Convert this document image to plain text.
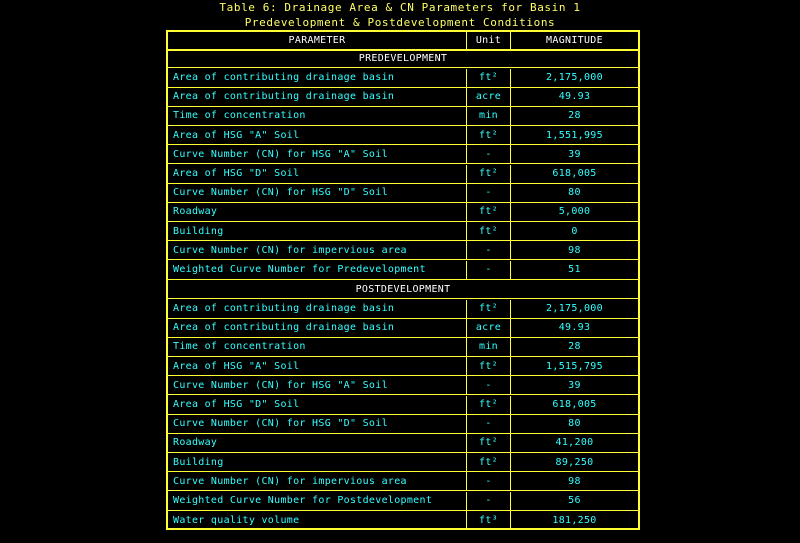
Table 6: Drainage Area & CN Parameters for Basin 1
Predevelopment & Postdevelopment Conditions
PARAMETER	Unit	MAGNITUDE
PREDEVELOPMENT
Area of contributing drainage basin	ft²	2,175,000
Area of contributing drainage basin	acre	49.93
Time of concentration	min	28
Area of HSG "A" Soil	ft²	1,551,995
Curve Number (CN) for HSG "A" Soil	-	39
Area of HSG "D" Soil	ft²	618,005
Curve Number (CN) for HSG "D" Soil	-	80
Roadway	ft²	5,000
Building	ft²	0
Curve Number (CN) for impervious area	-	98
Weighted Curve Number for Predevelopment	-	51
POSTDEVELOPMENT
Area of contributing drainage basin	ft²	2,175,000
Area of contributing drainage basin	acre	49.93
Time of concentration	min	28
Area of HSG "A" Soil	ft²	1,515,795
Curve Number (CN) for HSG "A" Soil	-	39
Area of HSG "D" Soil	ft²	618,005
Curve Number (CN) for HSG "D" Soil	-	80
Roadway	ft²	41,200
Building	ft²	89,250
Curve Number (CN) for impervious area	-	98
Weighted Curve Number for Postdevelopment	-	56
Water quality volume	ft³	181,250
